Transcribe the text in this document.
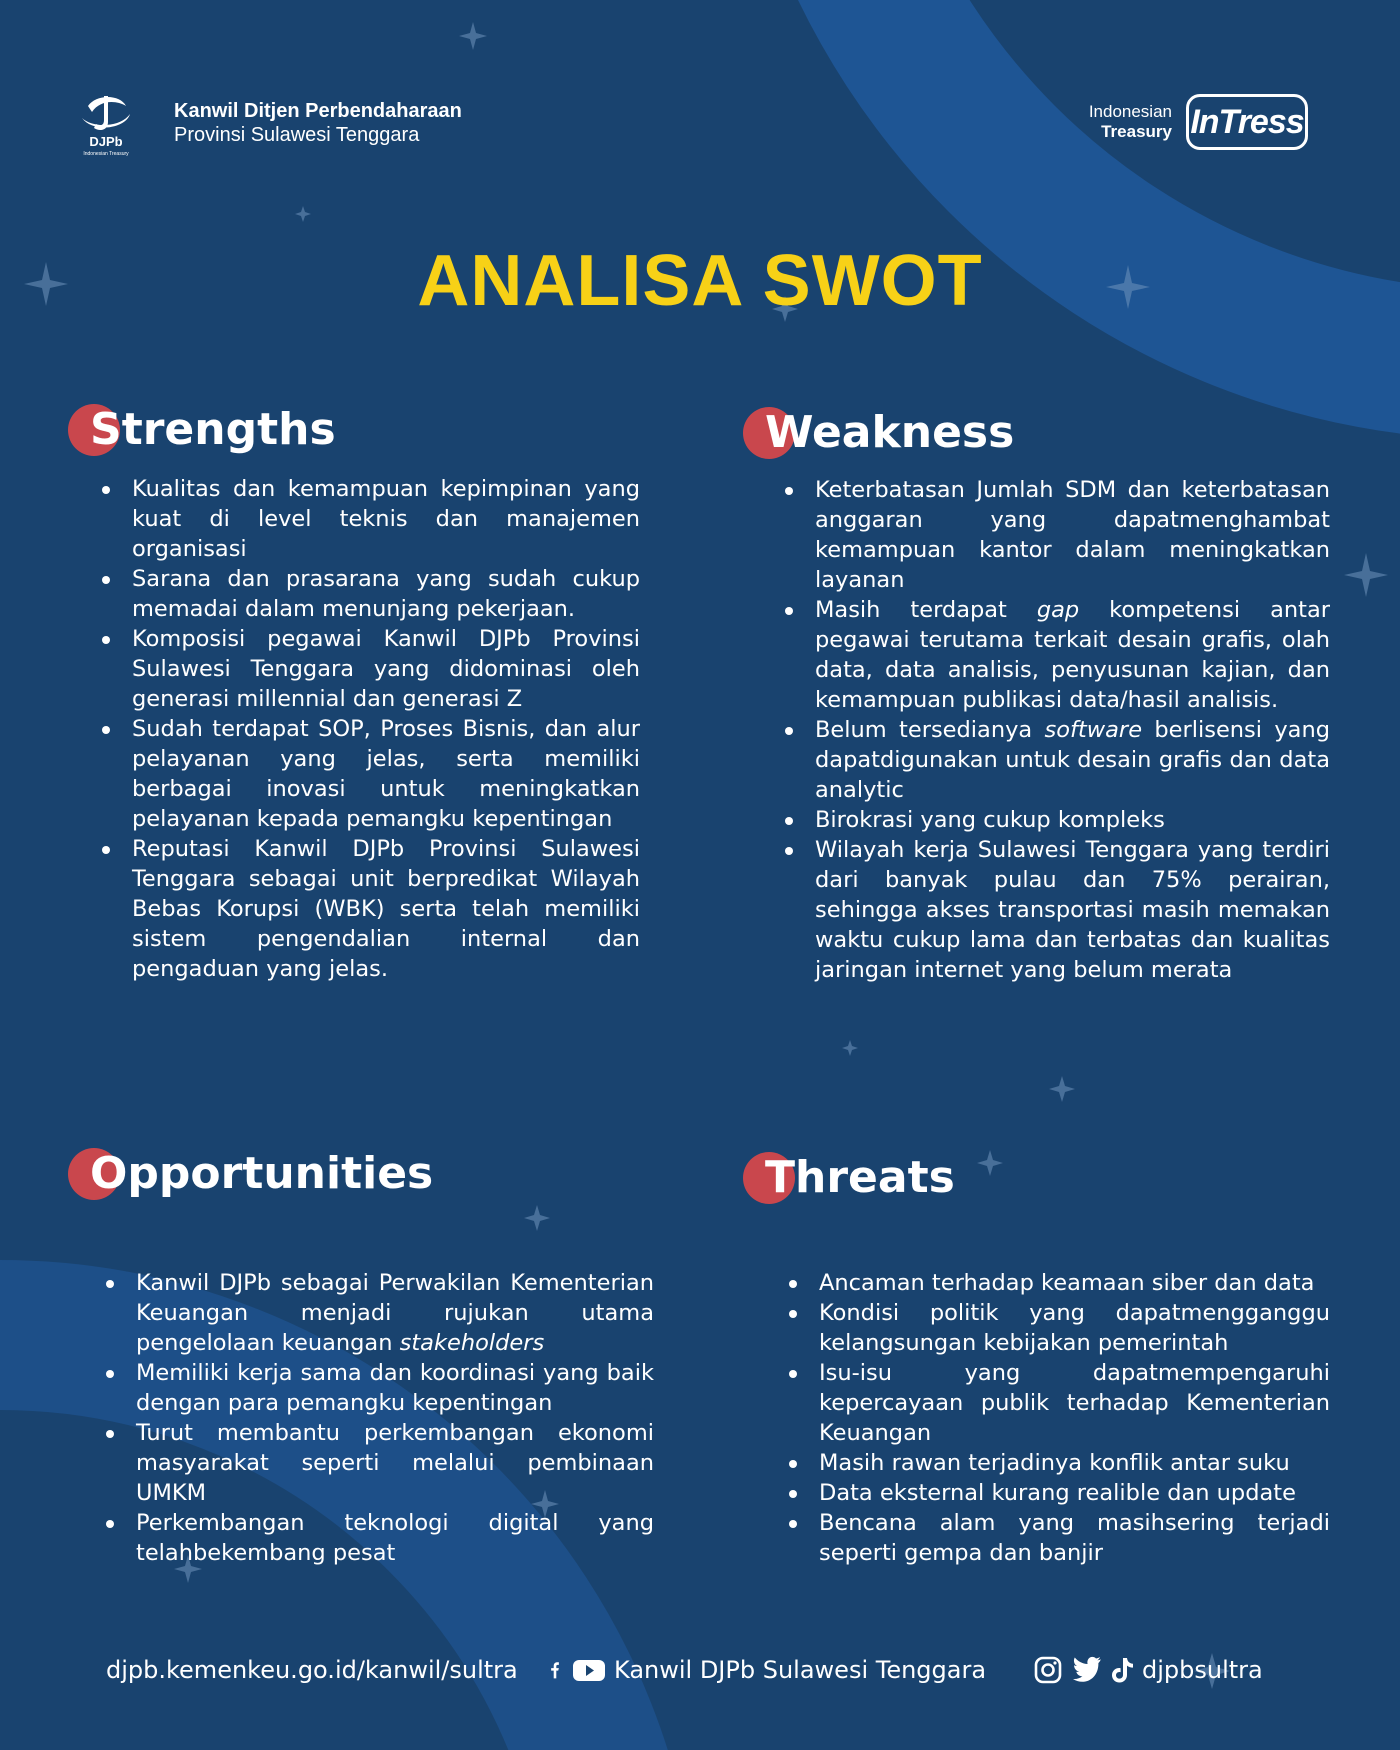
DJPb
Indonesian Treasury
Kanwil Ditjen Perbendaharaan
Provinsi Sulawesi Tenggara
Indonesian
Treasury InTress
ANALISA SWOT
Strengths
Kualitas dan kemampuan kepimpinan yang kuat di level teknis dan manajemen organisasi
Sarana dan prasarana yang sudah cukup memadai dalam menunjang pekerjaan.
Komposisi pegawai Kanwil DJPb Provinsi Sulawesi Tenggara yang didominasi oleh generasi millennial dan generasi Z
Sudah terdapat SOP, Proses Bisnis, dan alur pelayanan yang jelas, serta memiliki berbagai inovasi untuk meningkatkan pelayanan kepada pemangku kepentingan
Reputasi Kanwil DJPb Provinsi Sulawesi Tenggara sebagai unit berpredikat Wilayah Bebas Korupsi (WBK) serta telah memiliki sistem pengendalian internal dan pengaduan yang jelas.
Weakness
Keterbatasan Jumlah SDM dan keterbatasan anggaran yang dapatmenghambat kemampuan kantor dalam meningkatkan layanan
Masih terdapat gap kompetensi antar pegawai terutama terkait desain grafis, olah data, data analisis, penyusunan kajian, dan kemampuan publikasi data/hasil analisis.
Belum tersedianya software berlisensi yang dapatdigunakan untuk desain grafis dan data analytic
Birokrasi yang cukup kompleks
Wilayah kerja Sulawesi Tenggara yang terdiri dari banyak pulau dan 75% perairan, sehingga akses transportasi masih memakan waktu cukup lama dan terbatas dan kualitas jaringan internet yang belum merata
Opportunities
Kanwil DJPb sebagai Perwakilan Kementerian Keuangan menjadi rujukan utama pengelolaan keuangan stakeholders
Memiliki kerja sama dan koordinasi yang baik dengan para pemangku kepentingan
Turut membantu perkembangan ekonomi masyarakat seperti melalui pembinaan UMKM
Perkembangan teknologi digital yang telahbekembang pesat
Threats
Ancaman terhadap keamaan siber dan data
Kondisi politik yang dapatmengganggu kelangsungan kebijakan pemerintah
Isu-isu yang dapatmempengaruhi kepercayaan publik terhadap Kementerian Keuangan
Masih rawan terjadinya konflik antar suku
Data eksternal kurang realible dan update
Bencana alam yang masihsering terjadi seperti gempa dan banjir
djpb.kemenkeu.go.id/kanwil/sultra	Kanwil DJPb Sulawesi Tenggara	djpbsultra
